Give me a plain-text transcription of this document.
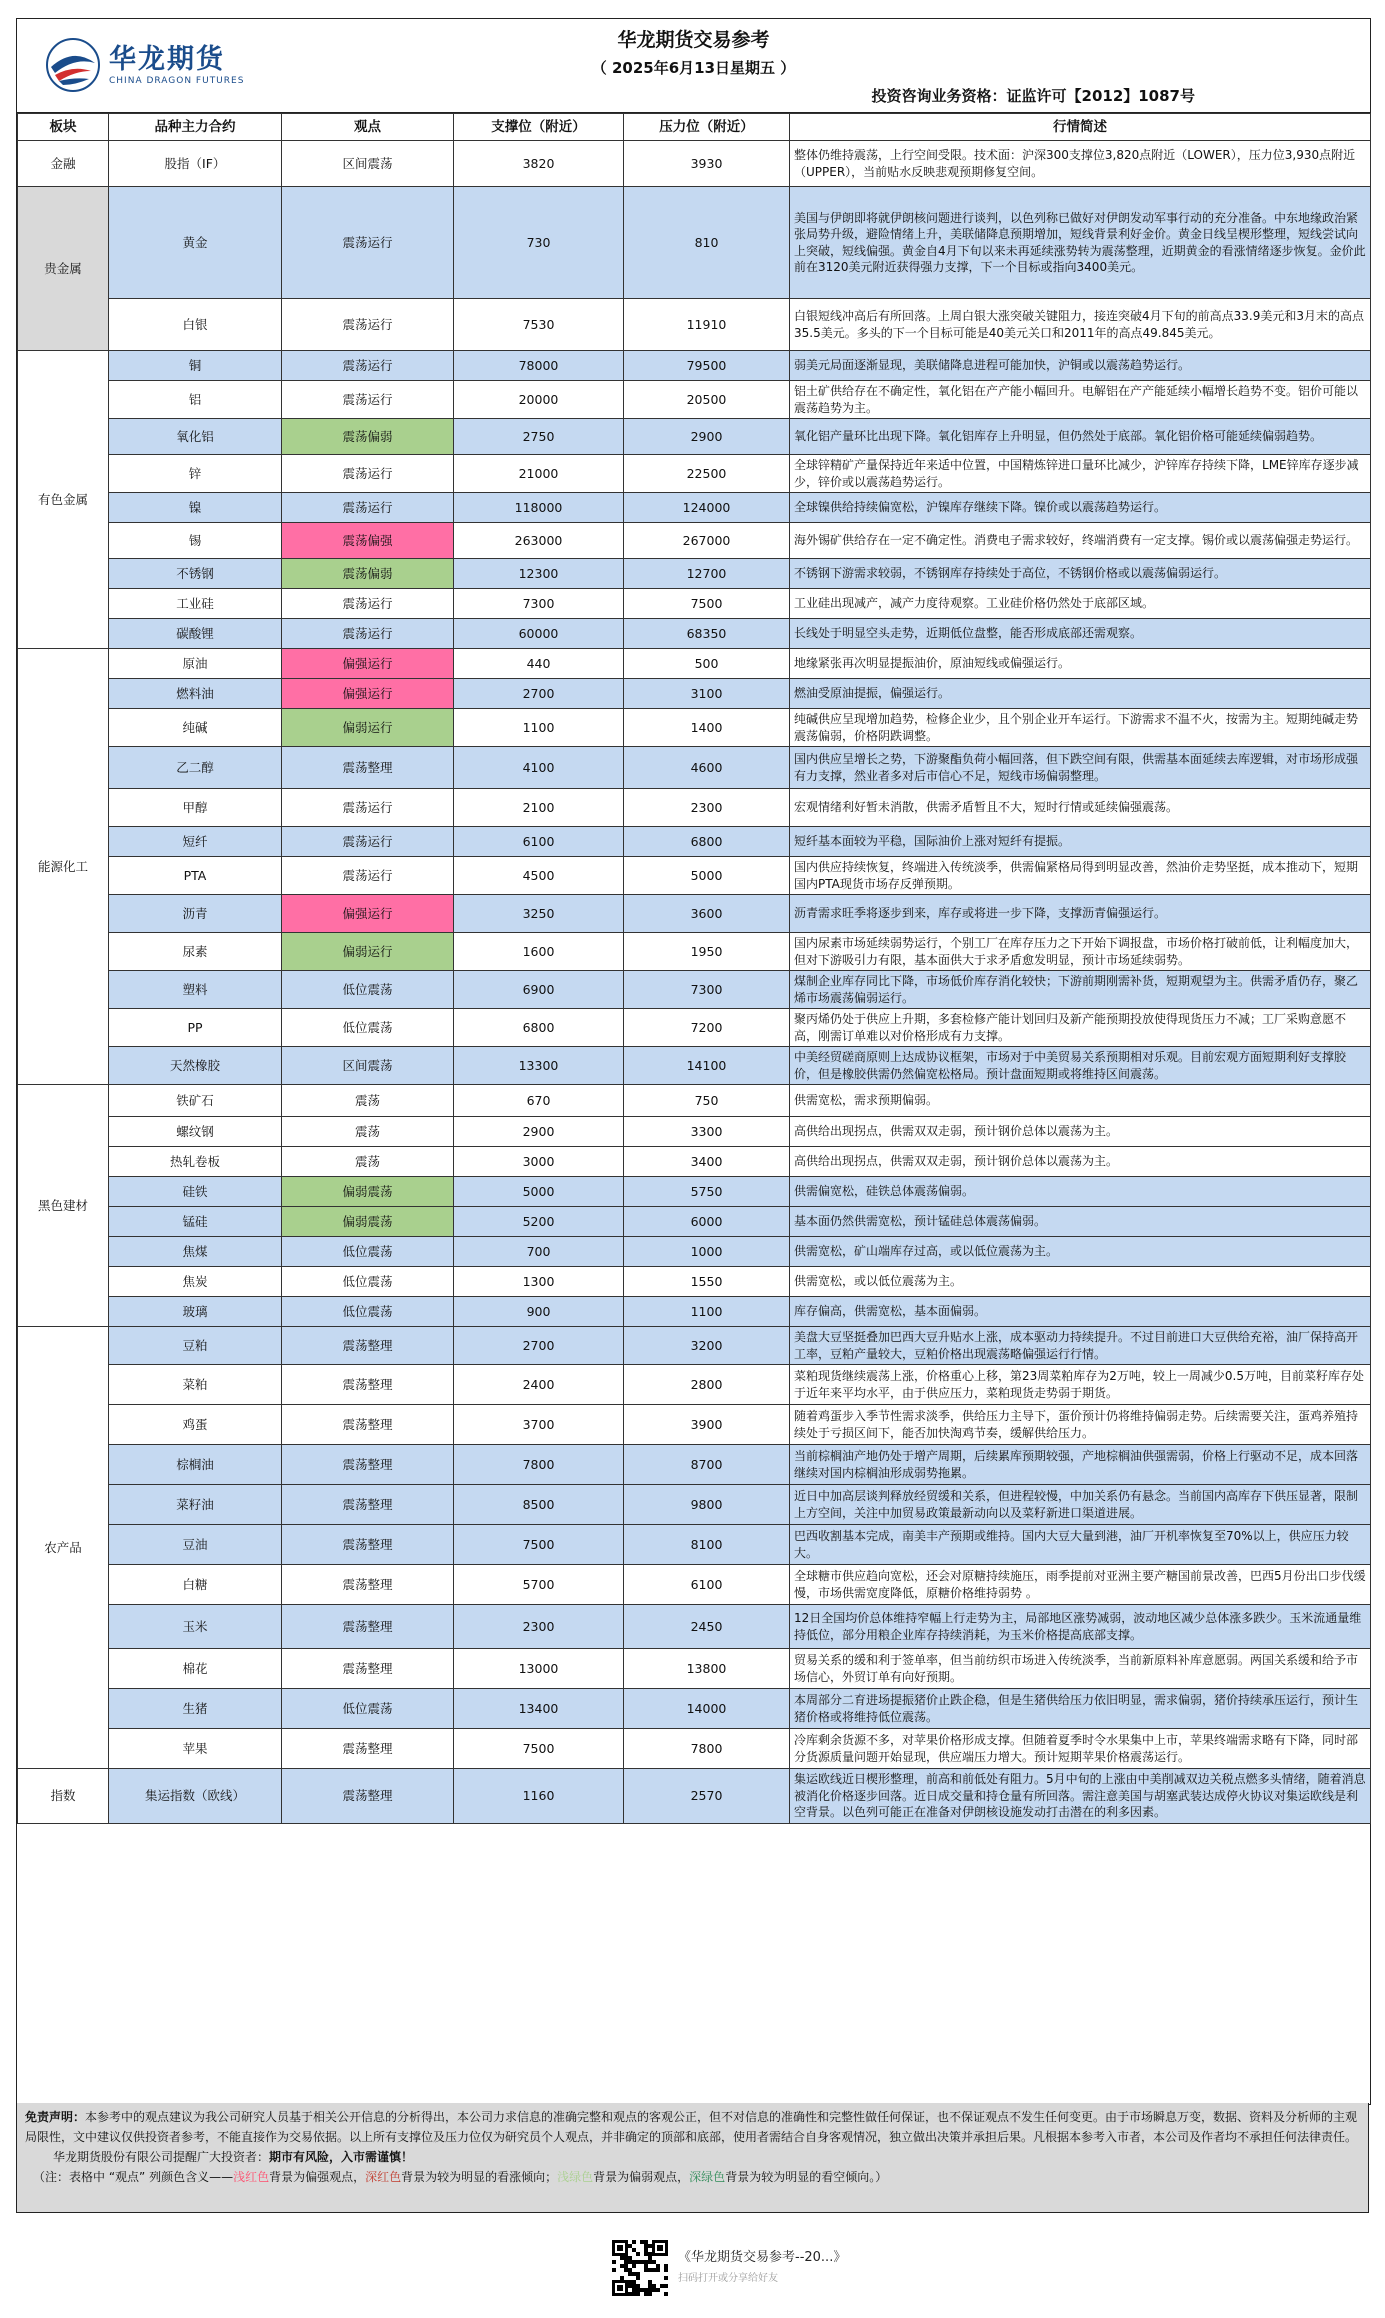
华龙期货
CHINA DRAGON FUTURES
华龙期货交易参考
（ 2025年6月13日星期五 ）
投资咨询业务资格：证监许可【2012】1087号
板块	品种主力合约	观点	支撑位（附近）	压力位（附近）	行情简述
金融	股指（IF）	区间震荡	3820	3930	整体仍维持震荡，上行空间受限。技术面：沪深300支撑位3,820点附近（LOWER），压力位3,930点附近（UPPER），当前贴水反映悲观预期修复空间。
贵金属	黄金	震荡运行	730	810	美国与伊朗即将就伊朗核问题进行谈判，以色列称已做好对伊朗发动军事行动的充分准备。中东地缘政治紧张局势升级，避险情绪上升，美联储降息预期增加，短线背景利好金价。黄金日线呈楔形整理，短线尝试向上突破，短线偏强。黄金自4月下旬以来未再延续涨势转为震荡整理，近期黄金的看涨情绪逐步恢复。金价此前在3120美元附近获得强力支撑，下一个目标或指向3400美元。
	白银	震荡运行	7530	11910	白银短线冲高后有所回落。上周白银大涨突破关键阻力，接连突破4月下旬的前高点33.9美元和3月末的高点35.5美元。多头的下一个目标可能是40美元关口和2011年的高点49.845美元。
有色金属	铜	震荡运行	78000	79500	弱美元局面逐渐显现，美联储降息进程可能加快，沪铜或以震荡趋势运行。
	铝	震荡运行	20000	20500	铝土矿供给存在不确定性，氧化铝在产产能小幅回升。电解铝在产产能延续小幅增长趋势不变。铝价可能以震荡趋势为主。
	氧化铝	震荡偏弱	2750	2900	氧化铝产量环比出现下降。氧化铝库存上升明显，但仍然处于底部。氧化铝价格可能延续偏弱趋势。
	锌	震荡运行	21000	22500	全球锌精矿产量保持近年来适中位置，中国精炼锌进口量环比减少，沪锌库存持续下降，LME锌库存逐步减少，锌价或以震荡趋势运行。
	镍	震荡运行	118000	124000	全球镍供给持续偏宽松，沪镍库存继续下降。镍价或以震荡趋势运行。
	锡	震荡偏强	263000	267000	海外锡矿供给存在一定不确定性。消费电子需求较好，终端消费有一定支撑。锡价或以震荡偏强走势运行。
	不锈钢	震荡偏弱	12300	12700	不锈钢下游需求较弱，不锈钢库存持续处于高位，不锈钢价格或以震荡偏弱运行。
	工业硅	震荡运行	7300	7500	工业硅出现减产，减产力度待观察。工业硅价格仍然处于底部区域。
	碳酸锂	震荡运行	60000	68350	长线处于明显空头走势，近期低位盘整，能否形成底部还需观察。
能源化工	原油	偏强运行	440	500	地缘紧张再次明显提振油价，原油短线或偏强运行。
	燃料油	偏强运行	2700	3100	燃油受原油提振，偏强运行。
	纯碱	偏弱运行	1100	1400	纯碱供应呈现增加趋势，检修企业少，且个别企业开车运行。下游需求不温不火，按需为主。短期纯碱走势震荡偏弱，价格阴跌调整。
	乙二醇	震荡整理	4100	4600	国内供应呈增长之势，下游聚酯负荷小幅回落，但下跌空间有限，供需基本面延续去库逻辑，对市场形成强有力支撑，然业者多对后市信心不足，短线市场偏弱整理。
	甲醇	震荡运行	2100	2300	宏观情绪利好暂未消散，供需矛盾暂且不大，短时行情或延续偏强震荡。
	短纤	震荡运行	6100	6800	短纤基本面较为平稳，国际油价上涨对短纤有提振。
	PTA	震荡运行	4500	5000	国内供应持续恢复，终端进入传统淡季，供需偏紧格局得到明显改善，然油价走势坚挺，成本推动下，短期国内PTA现货市场存反弹预期。
	沥青	偏强运行	3250	3600	沥青需求旺季将逐步到来，库存或将进一步下降，支撑沥青偏强运行。
	尿素	偏弱运行	1600	1950	国内尿素市场延续弱势运行，个别工厂在库存压力之下开始下调报盘，市场价格打破前低，让利幅度加大，但对下游吸引力有限，基本面供大于求矛盾愈发明显，预计市场延续弱势。
	塑料	低位震荡	6900	7300	煤制企业库存同比下降，市场低价库存消化较快；下游前期刚需补货，短期观望为主。供需矛盾仍存，聚乙烯市场震荡偏弱运行。
	PP	低位震荡	6800	7200	聚丙烯仍处于供应上升期，多套检修产能计划回归及新产能预期投放使得现货压力不减；工厂采购意愿不高，刚需订单难以对价格形成有力支撑。
	天然橡胶	区间震荡	13300	14100	中美经贸磋商原则上达成协议框架，市场对于中美贸易关系预期相对乐观。目前宏观方面短期利好支撑胶价，但是橡胶供需仍然偏宽松格局。预计盘面短期或将维持区间震荡。
黑色建材	铁矿石	震荡	670	750	供需宽松，需求预期偏弱。
	螺纹钢	震荡	2900	3300	高供给出现拐点，供需双双走弱，预计钢价总体以震荡为主。
	热轧卷板	震荡	3000	3400	高供给出现拐点，供需双双走弱，预计钢价总体以震荡为主。
	硅铁	偏弱震荡	5000	5750	供需偏宽松，硅铁总体震荡偏弱。
	锰硅	偏弱震荡	5200	6000	基本面仍然供需宽松，预计锰硅总体震荡偏弱。
	焦煤	低位震荡	700	1000	供需宽松，矿山端库存过高，或以低位震荡为主。
	焦炭	低位震荡	1300	1550	供需宽松，或以低位震荡为主。
	玻璃	低位震荡	900	1100	库存偏高，供需宽松，基本面偏弱。
农产品	豆粕	震荡整理	2700	3200	美盘大豆坚挺叠加巴西大豆升贴水上涨，成本驱动力持续提升。不过目前进口大豆供给充裕，油厂保持高开工率，豆粕产量较大，豆粕价格出现震荡略偏强运行行情。
	菜粕	震荡整理	2400	2800	菜粕现货继续震荡上涨，价格重心上移，第23周菜粕库存为2万吨，较上一周减少0.5万吨，目前菜籽库存处于近年来平均水平，由于供应压力，菜粕现货走势弱于期货。
	鸡蛋	震荡整理	3700	3900	随着鸡蛋步入季节性需求淡季，供给压力主导下，蛋价预计仍将维持偏弱走势。后续需要关注，蛋鸡养殖持续处于亏损区间下，能否加快淘鸡节奏，缓解供给压力。
	棕榈油	震荡整理	7800	8700	当前棕榈油产地仍处于增产周期，后续累库预期较强，产地棕榈油供强需弱，价格上行驱动不足，成本回落继续对国内棕榈油形成弱势拖累。
	菜籽油	震荡整理	8500	9800	近日中加高层谈判释放经贸缓和关系，但进程较慢，中加关系仍有悬念。当前国内高库存下供压显著，限制上方空间，关注中加贸易政策最新动向以及菜籽新进口渠道进展。
	豆油	震荡整理	7500	8100	巴西收割基本完成，南美丰产预期或维持。国内大豆大量到港，油厂开机率恢复至70%以上，供应压力较大。
	白糖	震荡整理	5700	6100	全球糖市供应趋向宽松，还会对原糖持续施压，雨季提前对亚洲主要产糖国前景改善，巴西5月份出口步伐缓慢，市场供需宽度降低，原糖价格维持弱势 。
	玉米	震荡整理	2300	2450	12日全国均价总体维持窄幅上行走势为主，局部地区涨势减弱，波动地区减少总体涨多跌少。玉米流通量维持低位，部分用粮企业库存持续消耗，为玉米价格提高底部支撑。
	棉花	震荡整理	13000	13800	贸易关系的缓和利于签单率，但当前纺织市场进入传统淡季，当前新原料补库意愿弱。两国关系缓和给予市场信心，外贸订单有向好预期。
	生猪	低位震荡	13400	14000	本周部分二育进场提振猪价止跌企稳，但是生猪供给压力依旧明显，需求偏弱，猪价持续承压运行，预计生猪价格或将维持低位震荡。
	苹果	震荡整理	7500	7800	冷库剩余货源不多，对苹果价格形成支撑。但随着夏季时令水果集中上市，苹果终端需求略有下降，同时部分货源质量问题开始显现，供应端压力增大。预计短期苹果价格震荡运行。
指数	集运指数（欧线）	震荡整理	1160	2570	集运欧线近日楔形整理，前高和前低处有阻力。5月中旬的上涨由中美削减双边关税点燃多头情绪，随着消息被消化价格逐步回落。近日成交量和持仓量有所回落。需注意美国与胡塞武装达成停火协议对集运欧线是利空背景。以色列可能正在准备对伊朗核设施发动打击潜在的利多因素。
免责声明：本参考中的观点建议为我公司研究人员基于相关公开信息的分析得出，本公司力求信息的准确完整和观点的客观公正，但不对信息的准确性和完整性做任何保证，也不保证观点不发生任何变更。由于市场瞬息万变，数据、资料及分析师的主观局限性，文中建议仅供投资者参考，不能直接作为交易依据。以上所有支撑位及压力位仅为研究员个人观点，并非确定的顶部和底部，使用者需结合自身客观情况，独立做出决策并承担后果。凡根据本参考入市者，本公司及作者均不承担任何法律责任。
华龙期货股份有限公司提醒广大投资者：期市有风险，入市需谨慎！
（注：表格中 “观点” 列颜色含义——浅红色背景为偏强观点，深红色背景为较为明显的看涨倾向；浅绿色背景为偏弱观点，深绿色背景为较为明显的看空倾向。）
《华龙期货交易参考--20...》
扫码打开或分享给好友
